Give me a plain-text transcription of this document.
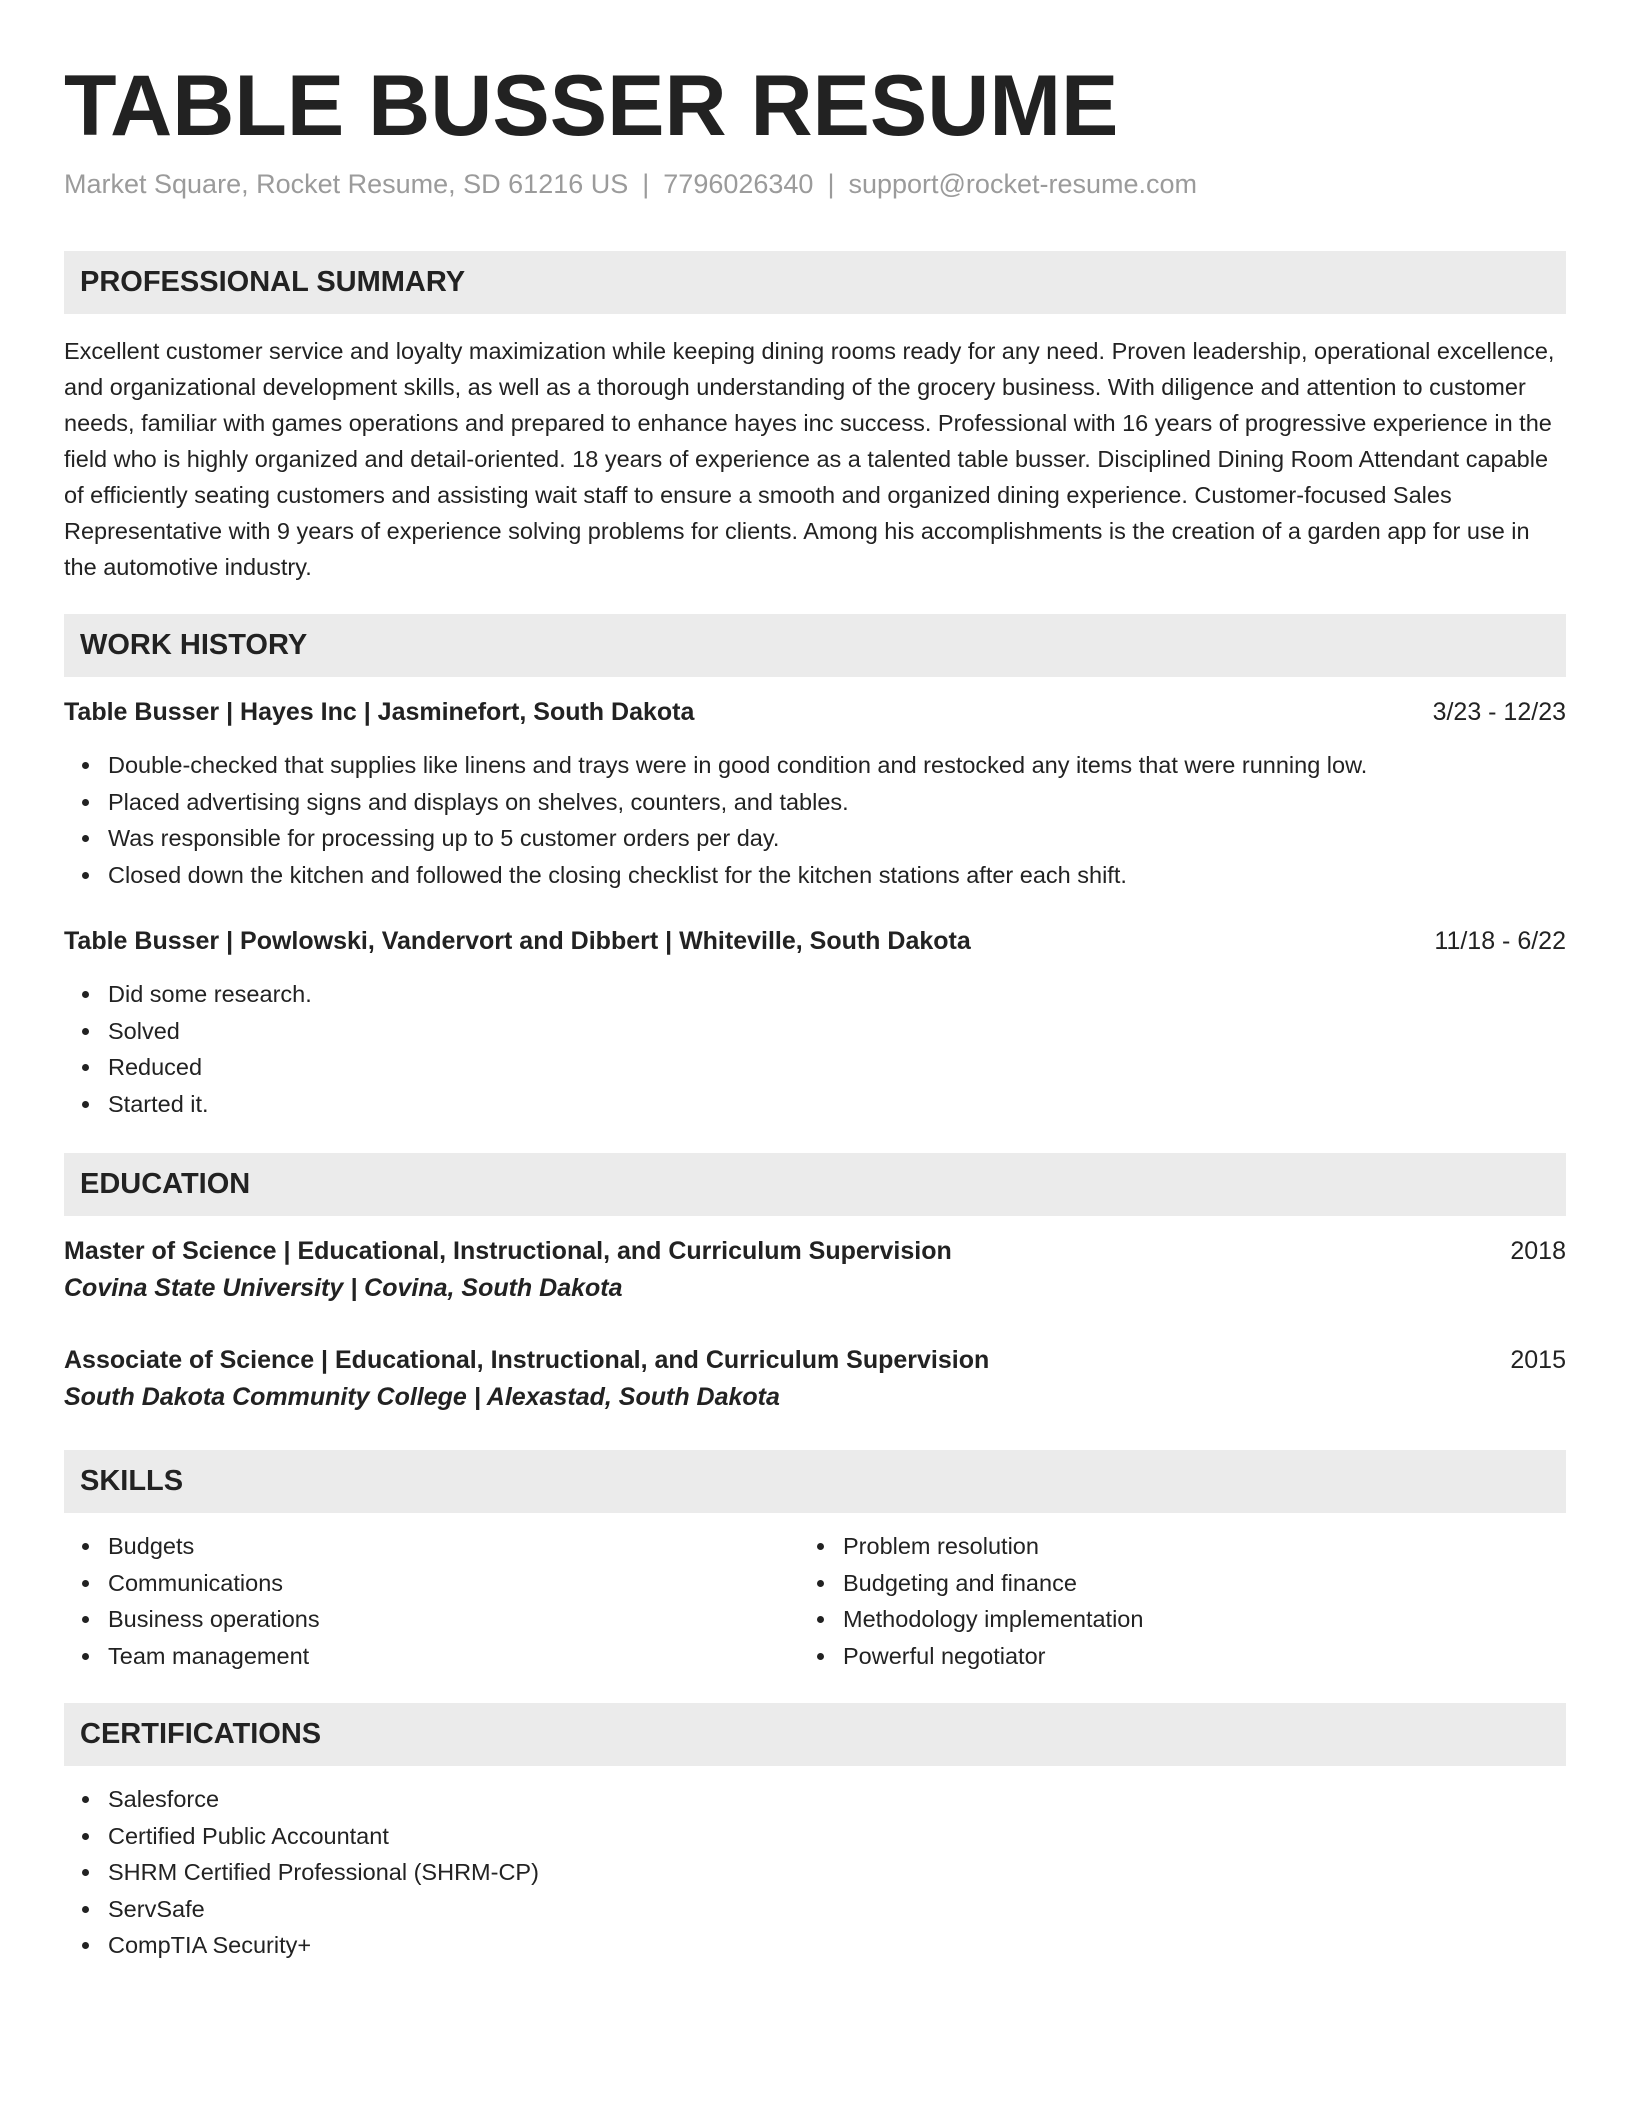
TABLE BUSSER RESUME
Market Square, Rocket Resume, SD 61216 US | 7796026340 | support@rocket-resume.com
PROFESSIONAL SUMMARY

Excellent customer service and loyalty maximization while keeping dining rooms ready for any need. Proven leadership, operational excellence, and organizational development skills, as well as a thorough understanding of the grocery business. With diligence and attention to customer needs, familiar with games operations and prepared to enhance hayes inc success. Professional with 16 years of progressive experience in the field who is highly organized and detail-oriented. 18 years of experience as a talented table busser. Disciplined Dining Room Attendant capable of efficiently seating customers and assisting wait staff to ensure a smooth and organized dining experience. Customer-focused Sales Representative with 9 years of experience solving problems for clients. Among his accomplishments is the creation of a garden app for use in the automotive industry.

WORK HISTORY
Table Busser | Hayes Inc | Jasminefort, South Dakota	3/23 - 12/23
Double-checked that supplies like linens and trays were in good condition and restocked any items that were running low.
Placed advertising signs and displays on shelves, counters, and tables.
Was responsible for processing up to 5 customer orders per day.
Closed down the kitchen and followed the closing checklist for the kitchen stations after each shift.
Table Busser | Powlowski, Vandervort and Dibbert | Whiteville, South Dakota	11/18 - 6/22
Did some research.
Solved
Reduced
Started it.
EDUCATION
Master of Science | Educational, Instructional, and Curriculum Supervision	2018
Covina State University | Covina, South Dakota
Associate of Science | Educational, Instructional, and Curriculum Supervision	2015
South Dakota Community College | Alexastad, South Dakota
SKILLS
Budgets
Communications
Business operations
Team management
Problem resolution
Budgeting and finance
Methodology implementation
Powerful negotiator
CERTIFICATIONS
Salesforce
Certified Public Accountant
SHRM Certified Professional (SHRM-CP)
ServSafe
CompTIA Security+
